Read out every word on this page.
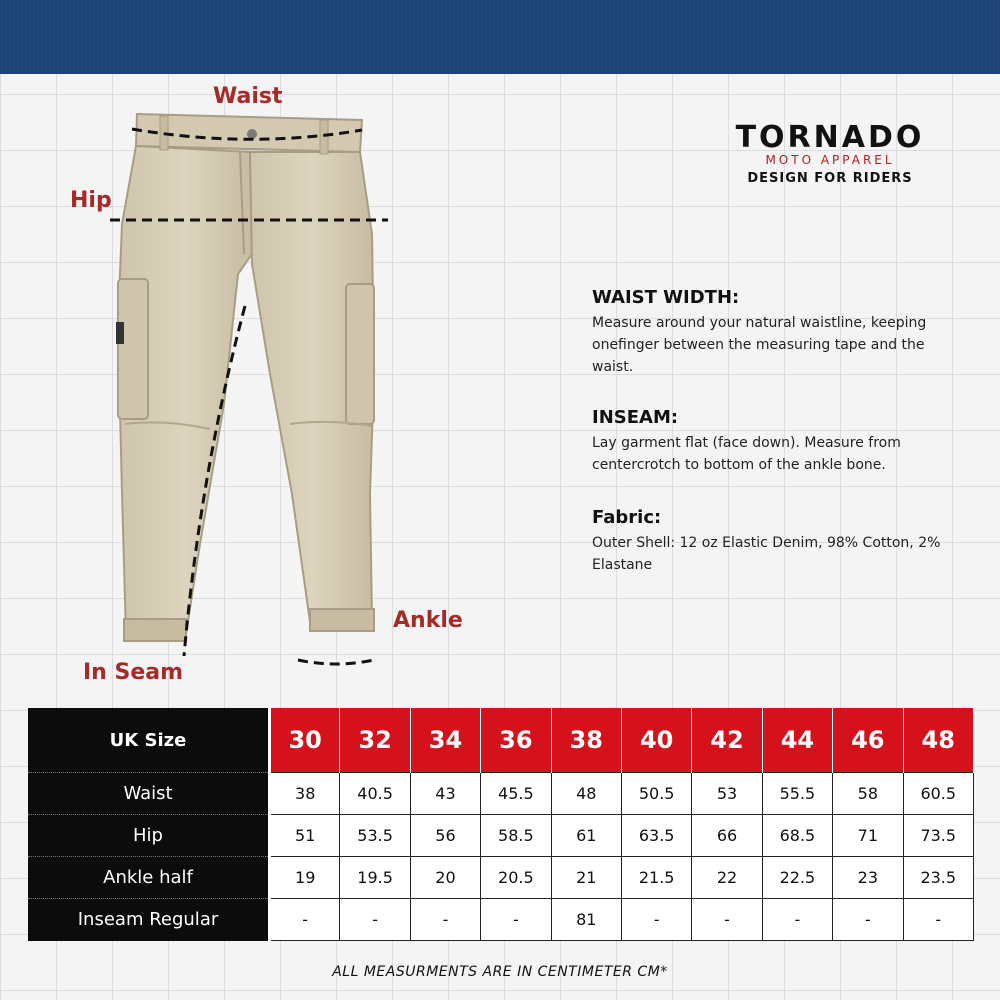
Waist
Hip
In Seam
Ankle
TORNADO
MOTO APPAREL
DESIGN FOR RIDERS
WAIST WIDTH:

Measure around your natural waistline, keeping onefinger between the measuring tape and the waist.

INSEAM:

Lay garment flat (face down). Measure from centercrotch to bottom of the ankle bone.

Fabric:

Outer Shell: 12 oz Elastic Denim, 98% Cotton, 2% Elastane

UK Size	30	32	34	36	38	40	42	44	46	48
Waist	38	40.5	43	45.5	48	50.5	53	55.5	58	60.5
Hip	51	53.5	56	58.5	61	63.5	66	68.5	71	73.5
Ankle half	19	19.5	20	20.5	21	21.5	22	22.5	23	23.5
Inseam Regular	-	-	-	-	81	-	-	-	-	-
ALL MEASURMENTS ARE IN CENTIMETER CM*
